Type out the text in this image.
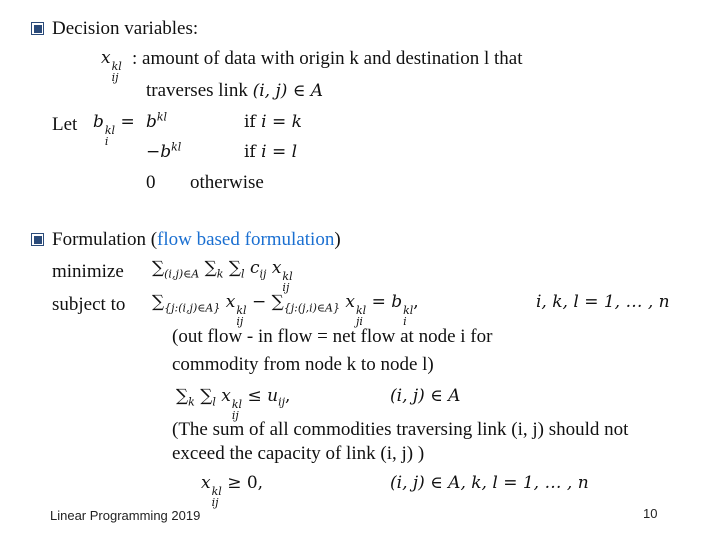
Decision variables:
x kl
ij
: amount of data with origin k and destination l that
traverses link (i, j) ∈ A
Let b kl
i
= $b^{kl}$	if i = k
$-b^{kl}$	if i = l
0 otherwise
Formulation (flow based formulation)
minimize $\sum_{(i,j)\in A}$ $\sum_k$ $\sum_l$ $c_{ij}$ x kl
ij
subject to $\sum_{\{j:(i,j)\in A\}}$ x kl
ij
− $\sum_{\{j:(j,i)\in A\}}$ x kl
ji
= b kl
i
,	i, k, l = 1, … , n
(out flow - in flow = net flow at node i for
commodity from node k to node l)
$\sum_k$ $\sum_l$ x kl
ij
≤ $u_{ij}$,	(i, j) ∈ A
(The sum of all commodities traversing link (i, j) should not
exceed the capacity of link (i, j) )
x kl
ij
≥ 0,	(i, j) ∈ A, k, l = 1, … , n
Linear Programming 2019	10
